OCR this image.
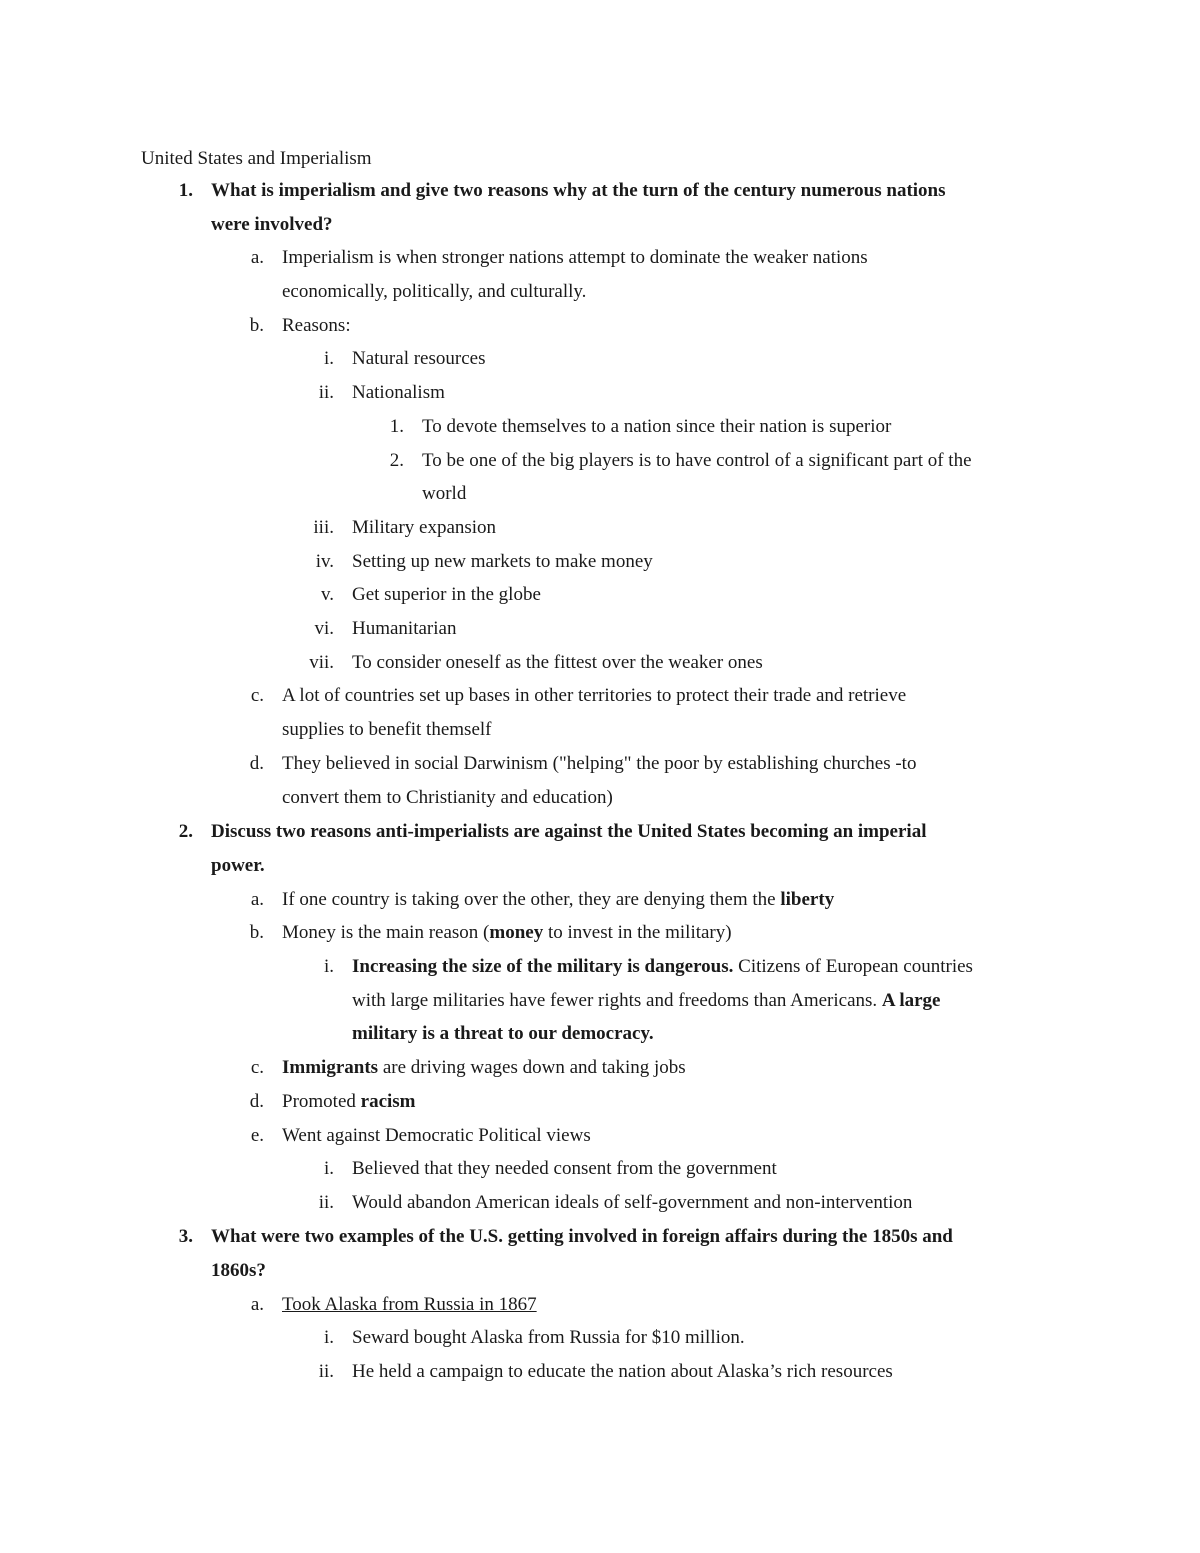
United States and Imperialism
1. What is imperialism and give two reasons why at the turn of the century numerous nations
were involved?
a. Imperialism is when stronger nations attempt to dominate the weaker nations
economically, politically, and culturally.
b. Reasons:
i. Natural resources
ii. Nationalism
1. To devote themselves to a nation since their nation is superior
2. To be one of the big players is to have control of a significant part of the
world
iii. Military expansion
iv. Setting up new markets to make money
v. Get superior in the globe
vi. Humanitarian
vii. To consider oneself as the fittest over the weaker ones
c. A lot of countries set up bases in other territories to protect their trade and retrieve
supplies to benefit themself
d. They believed in social Darwinism ("helping" the poor by establishing churches -to
convert them to Christianity and education)
2. Discuss two reasons anti-imperialists are against the United States becoming an imperial
power.
a. If one country is taking over the other, they are denying them the liberty
b. Money is the main reason (money to invest in the military)
i. Increasing the size of the military is dangerous. Citizens of European countries
with large militaries have fewer rights and freedoms than Americans. A large
military is a threat to our democracy.
c. Immigrants are driving wages down and taking jobs
d. Promoted racism
e. Went against Democratic Political views
i. Believed that they needed consent from the government
ii. Would abandon American ideals of self-government and non-intervention
3. What were two examples of the U.S. getting involved in foreign affairs during the 1850s and
1860s?
a. Took Alaska from Russia in 1867
i. Seward bought Alaska from Russia for $10 million.
ii. He held a campaign to educate the nation about Alaska’s rich resources
